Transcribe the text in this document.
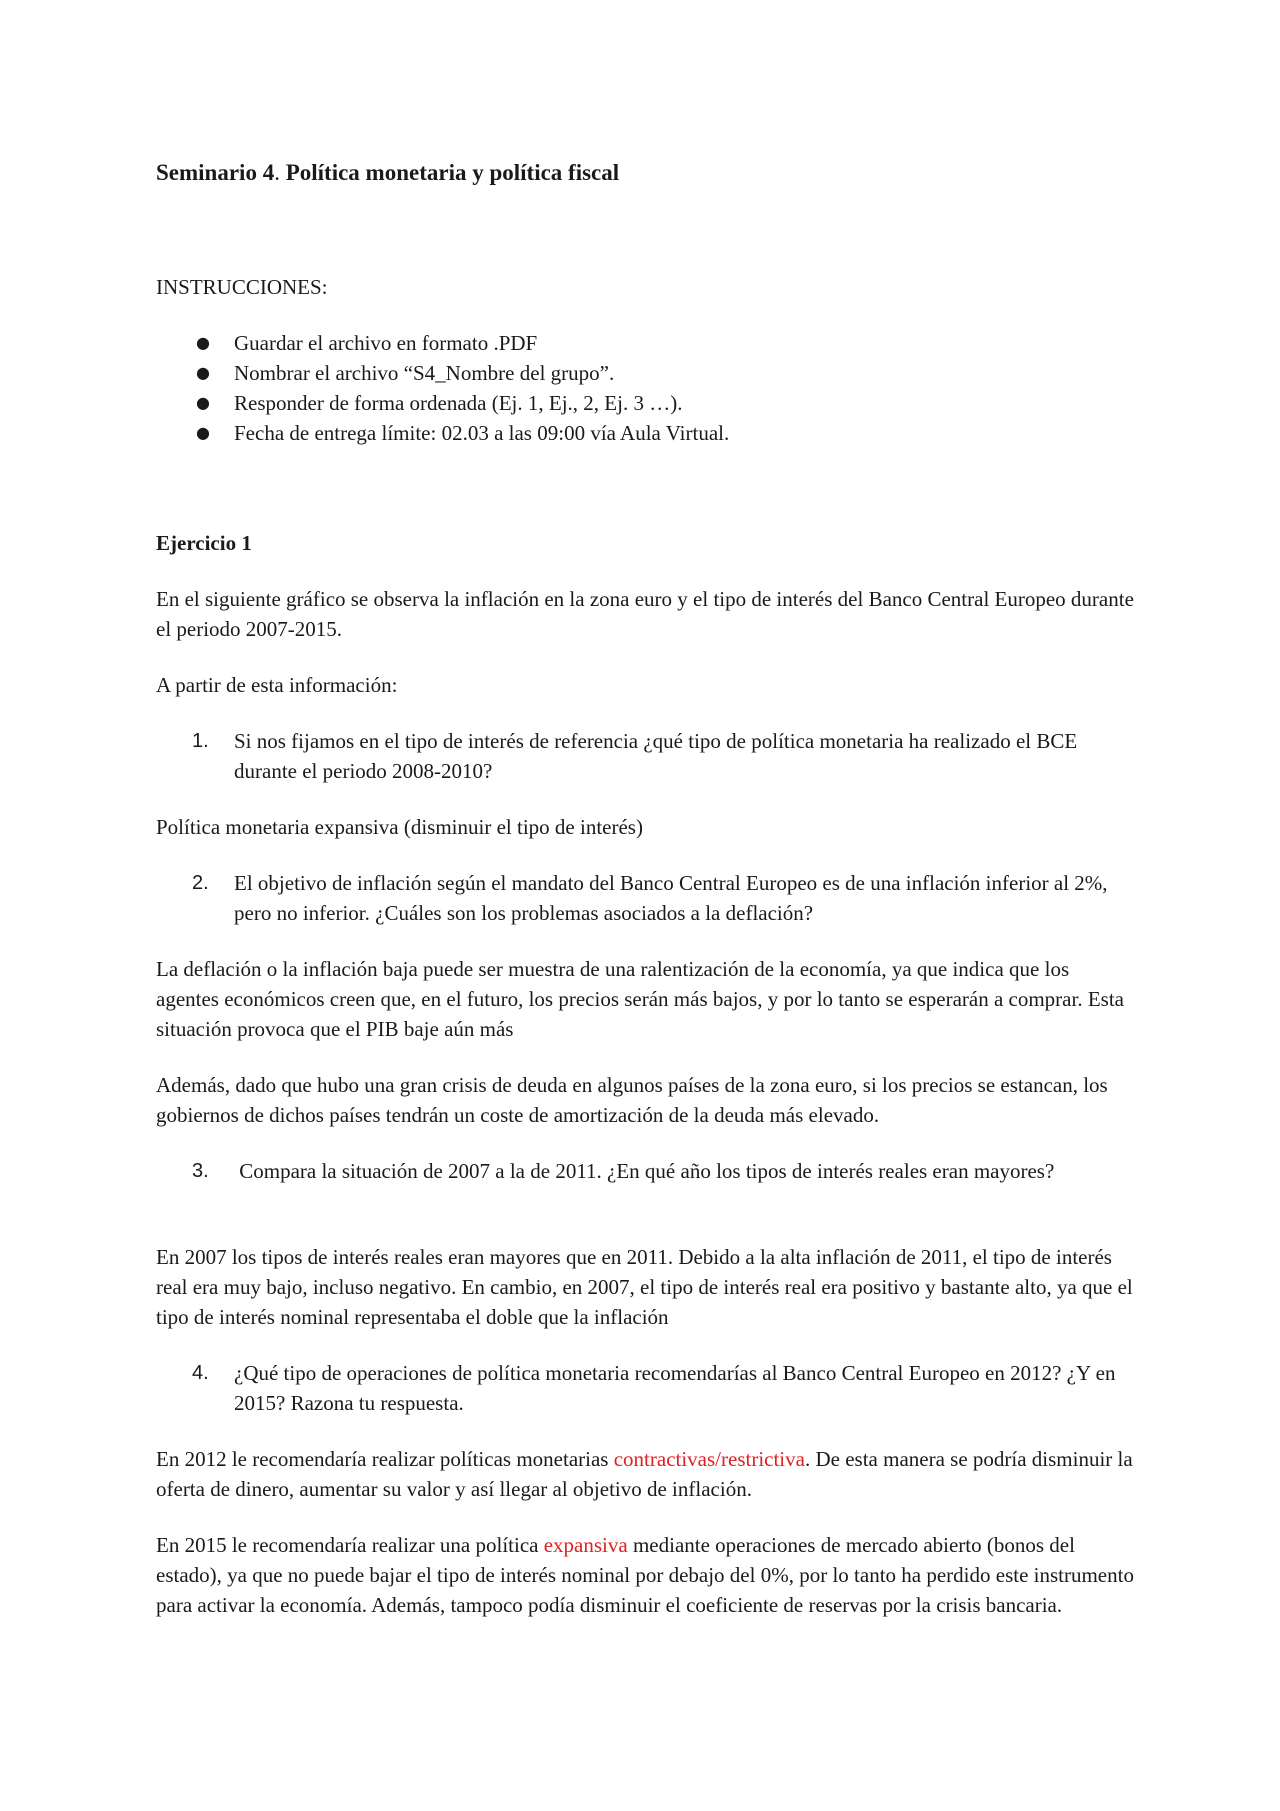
Seminario 4. Política monetaria y política fiscal
INSTRUCCIONES:
● Guardar el archivo en formato .PDF
● Nombrar el archivo “S4_Nombre del grupo”.
● Responder de forma ordenada (Ej. 1, Ej., 2, Ej. 3 …).
● Fecha de entrega límite: 02.03 a las 09:00 vía Aula Virtual.
Ejercicio 1

En el siguiente gráfico se observa la inflación en la zona euro y el tipo de interés del Banco Central Europeo durante el periodo 2007-2015.

A partir de esta información:

1. Si nos fijamos en el tipo de interés de referencia ¿qué tipo de política monetaria ha realizado el BCE durante el periodo 2008-2010?

Política monetaria expansiva (disminuir el tipo de interés)

2. El objetivo de inflación según el mandato del Banco Central Europeo es de una inflación inferior al 2%, pero no inferior. ¿Cuáles son los problemas asociados a la deflación?

La deflación o la inflación baja puede ser muestra de una ralentización de la economía, ya que indica que los agentes económicos creen que, en el futuro, los precios serán más bajos, y por lo tanto se esperarán a comprar. Esta situación provoca que el PIB baje aún más

Además, dado que hubo una gran crisis de deuda en algunos países de la zona euro, si los precios se estancan, los gobiernos de dichos países tendrán un coste de amortización de la deuda más elevado.

3. Compara la situación de 2007 a la de 2011. ¿En qué año los tipos de interés reales eran mayores?

En 2007 los tipos de interés reales eran mayores que en 2011. Debido a la alta inflación de 2011, el tipo de interés real era muy bajo, incluso negativo. En cambio, en 2007, el tipo de interés real era positivo y bastante alto, ya que el tipo de interés nominal representaba el doble que la inflación

4. ¿Qué tipo de operaciones de política monetaria recomendarías al Banco Central Europeo en 2012? ¿Y en 2015? Razona tu respuesta.

En 2012 le recomendaría realizar políticas monetarias contractivas/restrictiva. De esta manera se podría disminuir la oferta de dinero, aumentar su valor y así llegar al objetivo de inflación.

En 2015 le recomendaría realizar una política expansiva mediante operaciones de mercado abierto (bonos del estado), ya que no puede bajar el tipo de interés nominal por debajo del 0%, por lo tanto ha perdido este instrumento para activar la economía. Además, tampoco podía disminuir el coeficiente de reservas por la crisis bancaria.
